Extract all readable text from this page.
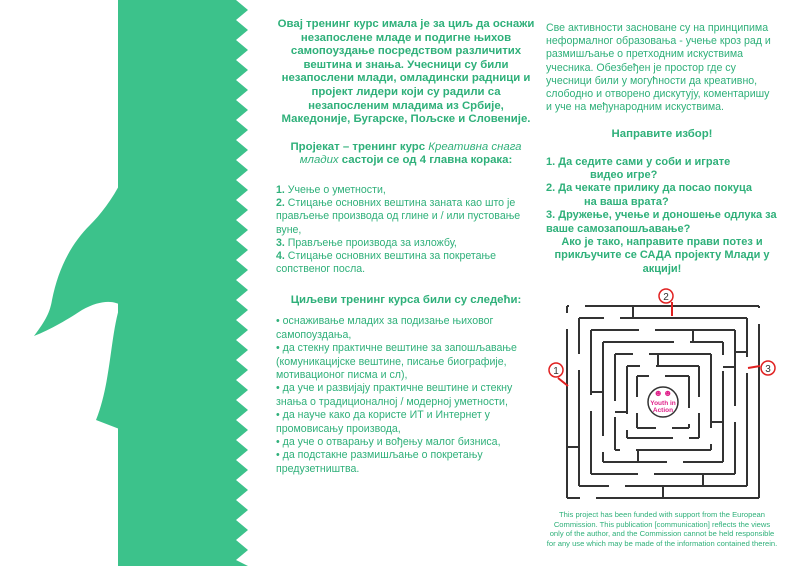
Овај тренинг курс имала је за циљ да оснажи незапослене младе и подигне њихов самопоуздање посредством различитих вештина и знања. Учесници су били незапослени млади, омладински радници и пројект лидери који су радили са незапосленим младима из Србије, Македоније, Бугарске, Пољске и Словеније.

Пројекат – тренинг курс Креативна снага младих састоји се од 4 главна корака:

1. Учење о уметности,
2. Стицање основних вештина заната као што је прављење производа од глине и / или пустовање вуне,
3. Прављење производа за изложбу,
4. Стицање основних вештина за покретање сопственог посла.

Циљеви тренинг курса били су следећи:

• оснаживање младих за подизање њиховог самопоуздања,

• да стекну практичне вештине за запошљавање (комуникацијске вештине, писање биографије, мотивационог писма и сл),

• да уче и развијају практичне вештине и стекну знања о традиционалној / модерној уметности,

• да науче како да користе ИТ и Интернет у промовисању производа,

• да уче о отварању и вођењу малог бизниса,

• да подстакне размишљање о покретању предузетништва.

Све активности засноване су на принципима неформалног образовања - учење кроз рад и размишљање о претходним искуствима учесника. Обезбеђен је простор где су учесници били у могућности да креативно, слободно и отворено дискутују, коментаришу и уче на међународним искуствима.

Направите избор!

1. Да седите сами у соби и играте

видео игре?

2. Да чекате прилику да посао покуца

на ваша врата?

3. Дружење, учење и доношење одлука за ваше самозапошљавање?

Ако је тако, направите прави потез и прикључите се САДА пројекту Млади у акцији!

1
2
3
☻☻
Youth in
Action
This project has been funded with support from the European Commission. This publication [communication] reflects the views only of the author, and the Commission cannot be held responsible for any use which may be made of the information contained therein.
